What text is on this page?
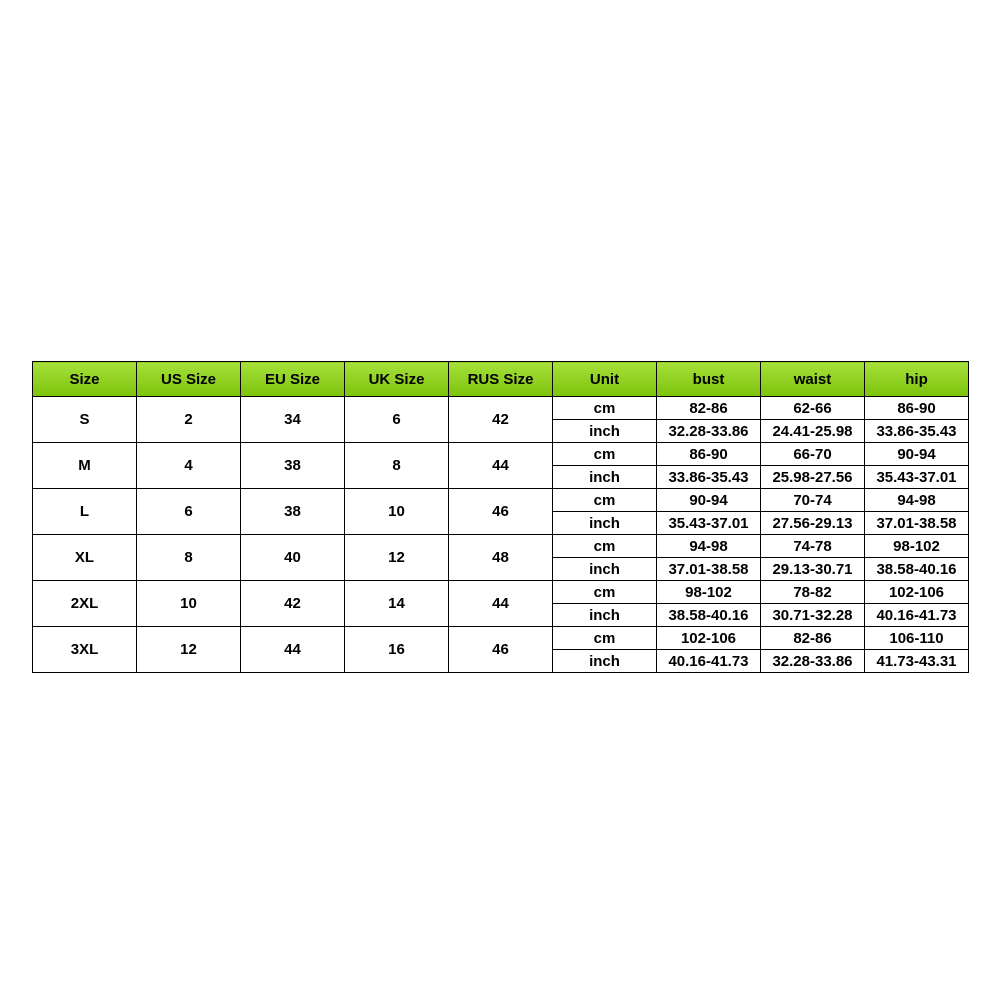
Size	US Size	EU Size	UK Size	RUS Size	Unit	bust	waist	hip
S	2	34	6	42	cm	82-86	62-66	86-90
					inch	32.28-33.86	24.41-25.98	33.86-35.43
M	4	38	8	44	cm	86-90	66-70	90-94
					inch	33.86-35.43	25.98-27.56	35.43-37.01
L	6	38	10	46	cm	90-94	70-74	94-98
					inch	35.43-37.01	27.56-29.13	37.01-38.58
XL	8	40	12	48	cm	94-98	74-78	98-102
					inch	37.01-38.58	29.13-30.71	38.58-40.16
2XL	10	42	14	44	cm	98-102	78-82	102-106
					inch	38.58-40.16	30.71-32.28	40.16-41.73
3XL	12	44	16	46	cm	102-106	82-86	106-110
					inch	40.16-41.73	32.28-33.86	41.73-43.31
